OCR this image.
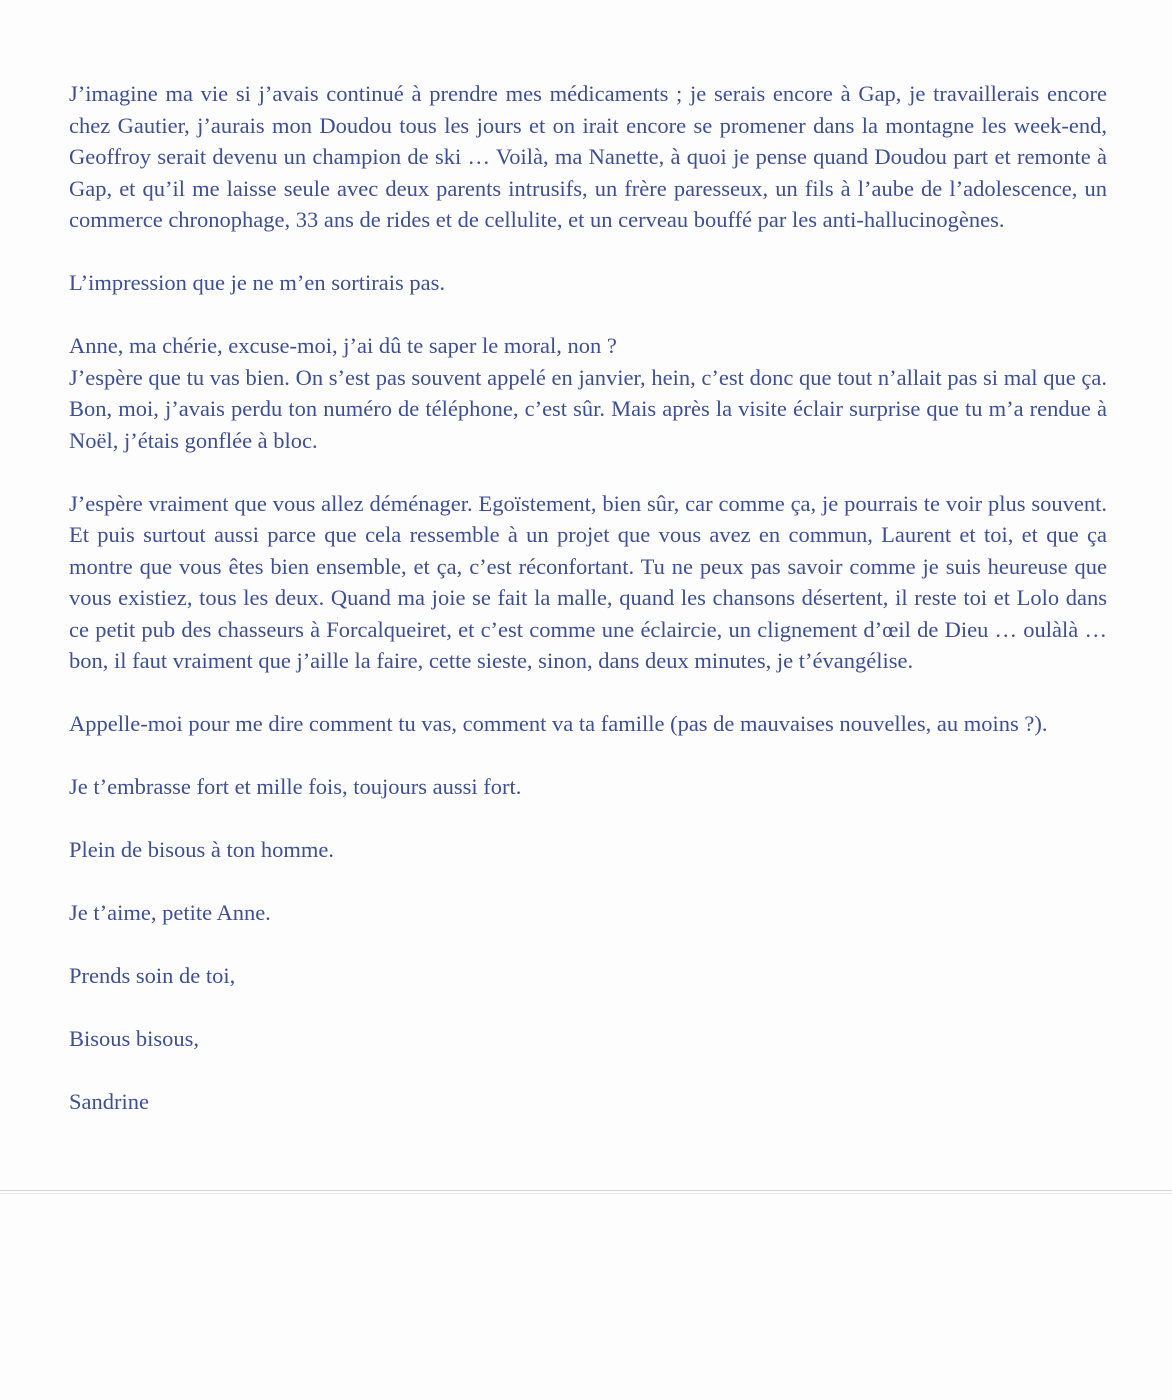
J’imagine ma vie si j’avais continué à prendre mes médicaments ; je serais encore à Gap, je travaillerais encore chez Gautier, j’aurais mon Doudou tous les jours et on irait encore se promener dans la montagne les week-end, Geoffroy serait devenu un champion de ski … Voilà, ma Nanette, à quoi je pense quand Doudou part et remonte à Gap, et qu’il me laisse seule avec deux parents intrusifs, un frère paresseux, un fils à l’aube de l’adolescence, un commerce chronophage, 33 ans de rides et de cellulite, et un cerveau bouffé par les anti-hallucinogènes.

L’impression que je ne m’en sortirais pas.

Anne, ma chérie, excuse-moi, j’ai dû te saper le moral, non ?

J’espère que tu vas bien. On s’est pas souvent appelé en janvier, hein, c’est donc que tout n’allait pas si mal que ça. Bon, moi, j’avais perdu ton numéro de téléphone, c’est sûr. Mais après la visite éclair surprise que tu m’a rendue à Noël, j’étais gonflée à bloc.

J’espère vraiment que vous allez déménager. Egoïstement, bien sûr, car comme ça, je pourrais te voir plus souvent. Et puis surtout aussi parce que cela ressemble à un projet que vous avez en commun, Laurent et toi, et que ça montre que vous êtes bien ensemble, et ça, c’est réconfortant. Tu ne peux pas savoir comme je suis heureuse que vous existiez, tous les deux. Quand ma joie se fait la malle, quand les chansons désertent, il reste toi et Lolo dans ce petit pub des chasseurs à Forcalqueiret, et c’est comme une éclaircie, un clignement d’œil de Dieu … oulàlà … bon, il faut vraiment que j’aille la faire, cette sieste, sinon, dans deux minutes, je t’évangélise.

Appelle-moi pour me dire comment tu vas, comment va ta famille (pas de mauvaises nouvelles, au moins ?).

Je t’embrasse fort et mille fois, toujours aussi fort.

Plein de bisous à ton homme.

Je t’aime, petite Anne.

Prends soin de toi,

Bisous bisous,

Sandrine
